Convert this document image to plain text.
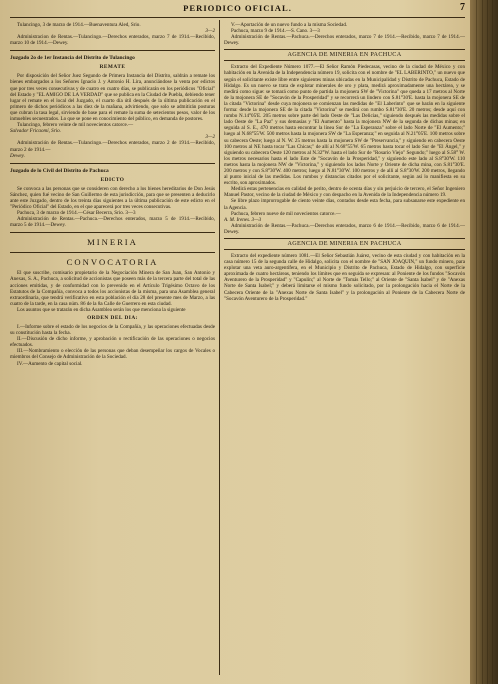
PERIODICO OFICIAL.	7

Tulancingo, 3 de marzo de 1914.—Buenaventura Aled, Srio.

3—2

Administracion de Rentas.—Tulancingo.—Derechos enterados, marzo 7 de 1914.—Recibido, marzo 10 de 1914.—Dewey.

Juzgado 2o de 1er Instancia del Distrito de Tulancingo
REMATE

Por disposición del Señor Juez Segundo de Primera Instancia del Distrito, saldrán a remate los bienes embargados a los Señores Ignacio J. y Antonio H. Lira, anunciándose la venta por edictos que por tres veces consecutivas y de cuatro en cuatro días, se publicarán en los periódicos "Oficial" del Estado y "EL AMIGO DE LA VERDAD" que se publica en la Ciudad de Puebla, debiendo tener lugar el remate en el local del Juzgado, el cuarto día útil después de la última publicación en el primero de dichos periódicos a las diez de la mañana, advirtiendo, que solo se admitirán posturas que cubran la tasa legal, sirviendo de base para el remate la suma de setecientos pesos, valor de los inmuebles secuestrados. Lo que se pone en conocimiento del público, en demanda de postores.

Tulancingo, febrero veinte de mil novecientos catorce.—

Salvador Fricaomí, Srio.

3—2

Administración de Rentas.—Tulancingo.—Derechos enterados, marzo 2 de 1914.—Recibido, marzo 2 de 1914.—

Dewey.

Juzgado de lo Civil del Distrito de Pachuca
EDICTO

Se convoca a las personas que se consideren con derecho a los bienes hereditarios de Don Jesús Sánchez, quien fué vecino de San Guillermo de esta jurisdicción, para que se presenten a deducirlo ante este Juzgado, dentro de los treinta días siguientes a la última publicación de este edicto en el "Periódico Oficial" del Estado, en el que aparecerá por tres veces consecutivas.

Pachuca, 3 de marzo de 1914.—César Becerra, Srio. 3—3

Administración de Rentas.—Pachuca.—Derechos enterados, marzo 5 de 1914.—Recibido, marzo 5 de 1914.—Dewey.

MINERIA
CONVOCATORIA

El que suscribe, comisario propietario de la Negociación Minera de San Juan, San Antonio y Anexas, S. A., Pachuca, a solicitud de accionistas que poseen más de la tercera parte del total de las acciones emitidas, y de conformidad con lo prevenido en el Artículo Trigésimo Octavo de los Estatutos de la Compañía, convoca a todos los accionistas de la misma, para una Asamblea general extraordinaria, que tendrá verificativo en esta población el día 28 del presente mes de Marzo, a las cuatro de la tarde, en la casa núm. 86 de la 8a Calle de Guerrero en esta ciudad.

Los asuntos que se tratarán en dicha Asamblea serán los que menciona la siguiente

ORDEN DEL DIA:

I.—Informe sobre el estado de los negocios de la Compañía, y las operaciones efectuadas desde su constitución hasta la fecha.

II.—Discusión de dicho informe, y aprobación o rectificación de las operaciones o negocios efectuados.

III.—Nombramiento o elección de las personas que deban desempeñar los cargos de Vocales o miembros del Consejo de Administración de la Sociedad.

IV.—Aumento de capital social.

V.—Aportación de un nuevo fundo a la misma Sociedad.

Pachuca, marzo 9 de 1914.—S. Cano. 3—3

Administración de Rentas.—Pachuca.—Derechos enterados, marzo 7 de 1914.—Recibido, marzo 7 de 1914.—Dewey.

AGENCIA DE MINERIA EN PACHUCA

Extracto del Expediente Número 1077.—El Señor Ramón Piedecasas, vecino de la ciudad de México y con habitación en la Avenida de la Independencia número 19, solicita con el nombre de "EL LABERINTO," un nuevo que según el solicitante existe libre entre siguientes minas ubicadas en la Municipalidad y Distrito de Pachuca, Estado de Hidalgo. Es un nuevo se trata de explotar minerales de oro y plata, medirá aproximadamente una hectárea, y se medirá como sigue: se tomará como punto de partida la mojonera SW de "Victorina" que queda a 17 metros al Norte de la mojonera SE de "Socavón de la Prosperidad" y se recorrerá un lindero con S.81°30'E. hasta la mojonera SE de la citada "Victorina" desde cuya mojonera se comienzan las medidas de "El Laberinto" que se harán en la siguiente forma: desde la mojonera SE de la citada "Victorina" se medirá con rumbo S.81°30'E. 20 metros; desde aquí con rumbo N.14°05'E. 205 metros sobre parte del lado Oeste de "Las Delicias," siguiendo después las medidas sobre el lado Oeste de "La Paz" y sus demasías y "El Aumento" hasta la mojonera NW de la segunda de dichas minas; en seguida al S. E., 470 metros hasta encontrar la línea Sur de "La Esperanza" sobre el lado Norte de "El Aumento;" luego al N.68°55'W. 500 metros hasta la mojonera SW de "La Esperanza;" en seguida al N.21°05'E. 100 metros sobre su cabecera Oeste; luego al N. W. 25 metros hasta la mojonera SW de "Preservancia," y siguiendo en cabecera Oeste 100 metros al NE hasta tocar "Las Chicas;" de allí al N.68°55'W. 65 metros hasta tocar el lado Sur de "El Ángel," y siguiendo su cabecera Oeste 120 metros al N.32°W. hasta el lado Sur de "Rosario Viejo" Segundo;" luego al S.58° W. los metros necesarios hasta el lado Este de "Socavón de la Prosperidad," y siguiendo este lado al S.8°30'W. 110 metros hasta la mojonera NW de "Victorina," y siguiendo los lados Norte y Oriente de dicha mina, con S.81°30'E. 200 metros y con S.8°30'W. 400 metros; luego al N.81°30'W. 100 metros y de allí al S.8°30'W. 200 metros, llegando al punto inicial de las medidas. Los rumbos y distancias citados por el solicitante, según así lo manifiesta en su escrito, son aproximados.

Medirá estas pertenencias en calidad de perito, dentro de ocenta días y sin perjuicio de tercero, el Señor Ingeniero Manuel Pastor, vecino de la ciudad de México y con despacho en la Avenida de la Independencia número 19.

Se libre plazo improrrogable de ciento veinte días, contados desde esta fecha, para subsanarse este expediente en la Agencia.

Pachuca, febrero nueve de mil novecientos catorce.—

A. M. Irenes. 3—3

Administración de Rentas.—Pachuca.—Derechos enterados, marzo 6 de 1914.—Recibido, marzo 6 de 1914.—Dewey.

AGENCIA DE MINERIA EN PACHUCA

Extracto del expediente número 1081.—El Señor Sebastián Juárez, vecino de esta ciudad y con habitación en la casa número 15 de la segunda calle de Hidalgo, solicita con el nombre de "SAN JOAQUIN," un fundo minero, para explotar una veta auro-argentífera, en el Municipio y Distrito de Pachuca, Estado de Hidalgo, con superficie aproximada de cuatro hectáreas, teniendo los límites que en seguida se expresan: al Poniente de los fundos "Socavón Aventurero de la Prosperidad" y "Capulín;" al Norte de "Tomás Tello;" al Oriente de "Santa Isabel" y de "Anexas Norte de Santa Isabel;" y deberá limitarse el mismo fundo solicitado, por la prolongación hacia el Norte de la Cabecera Oriente de la "Anexas Norte de Santa Isabel" y la prolongación al Poniente de la Cabecera Norte de "Socavón Aventurero de la Prosperidad."
